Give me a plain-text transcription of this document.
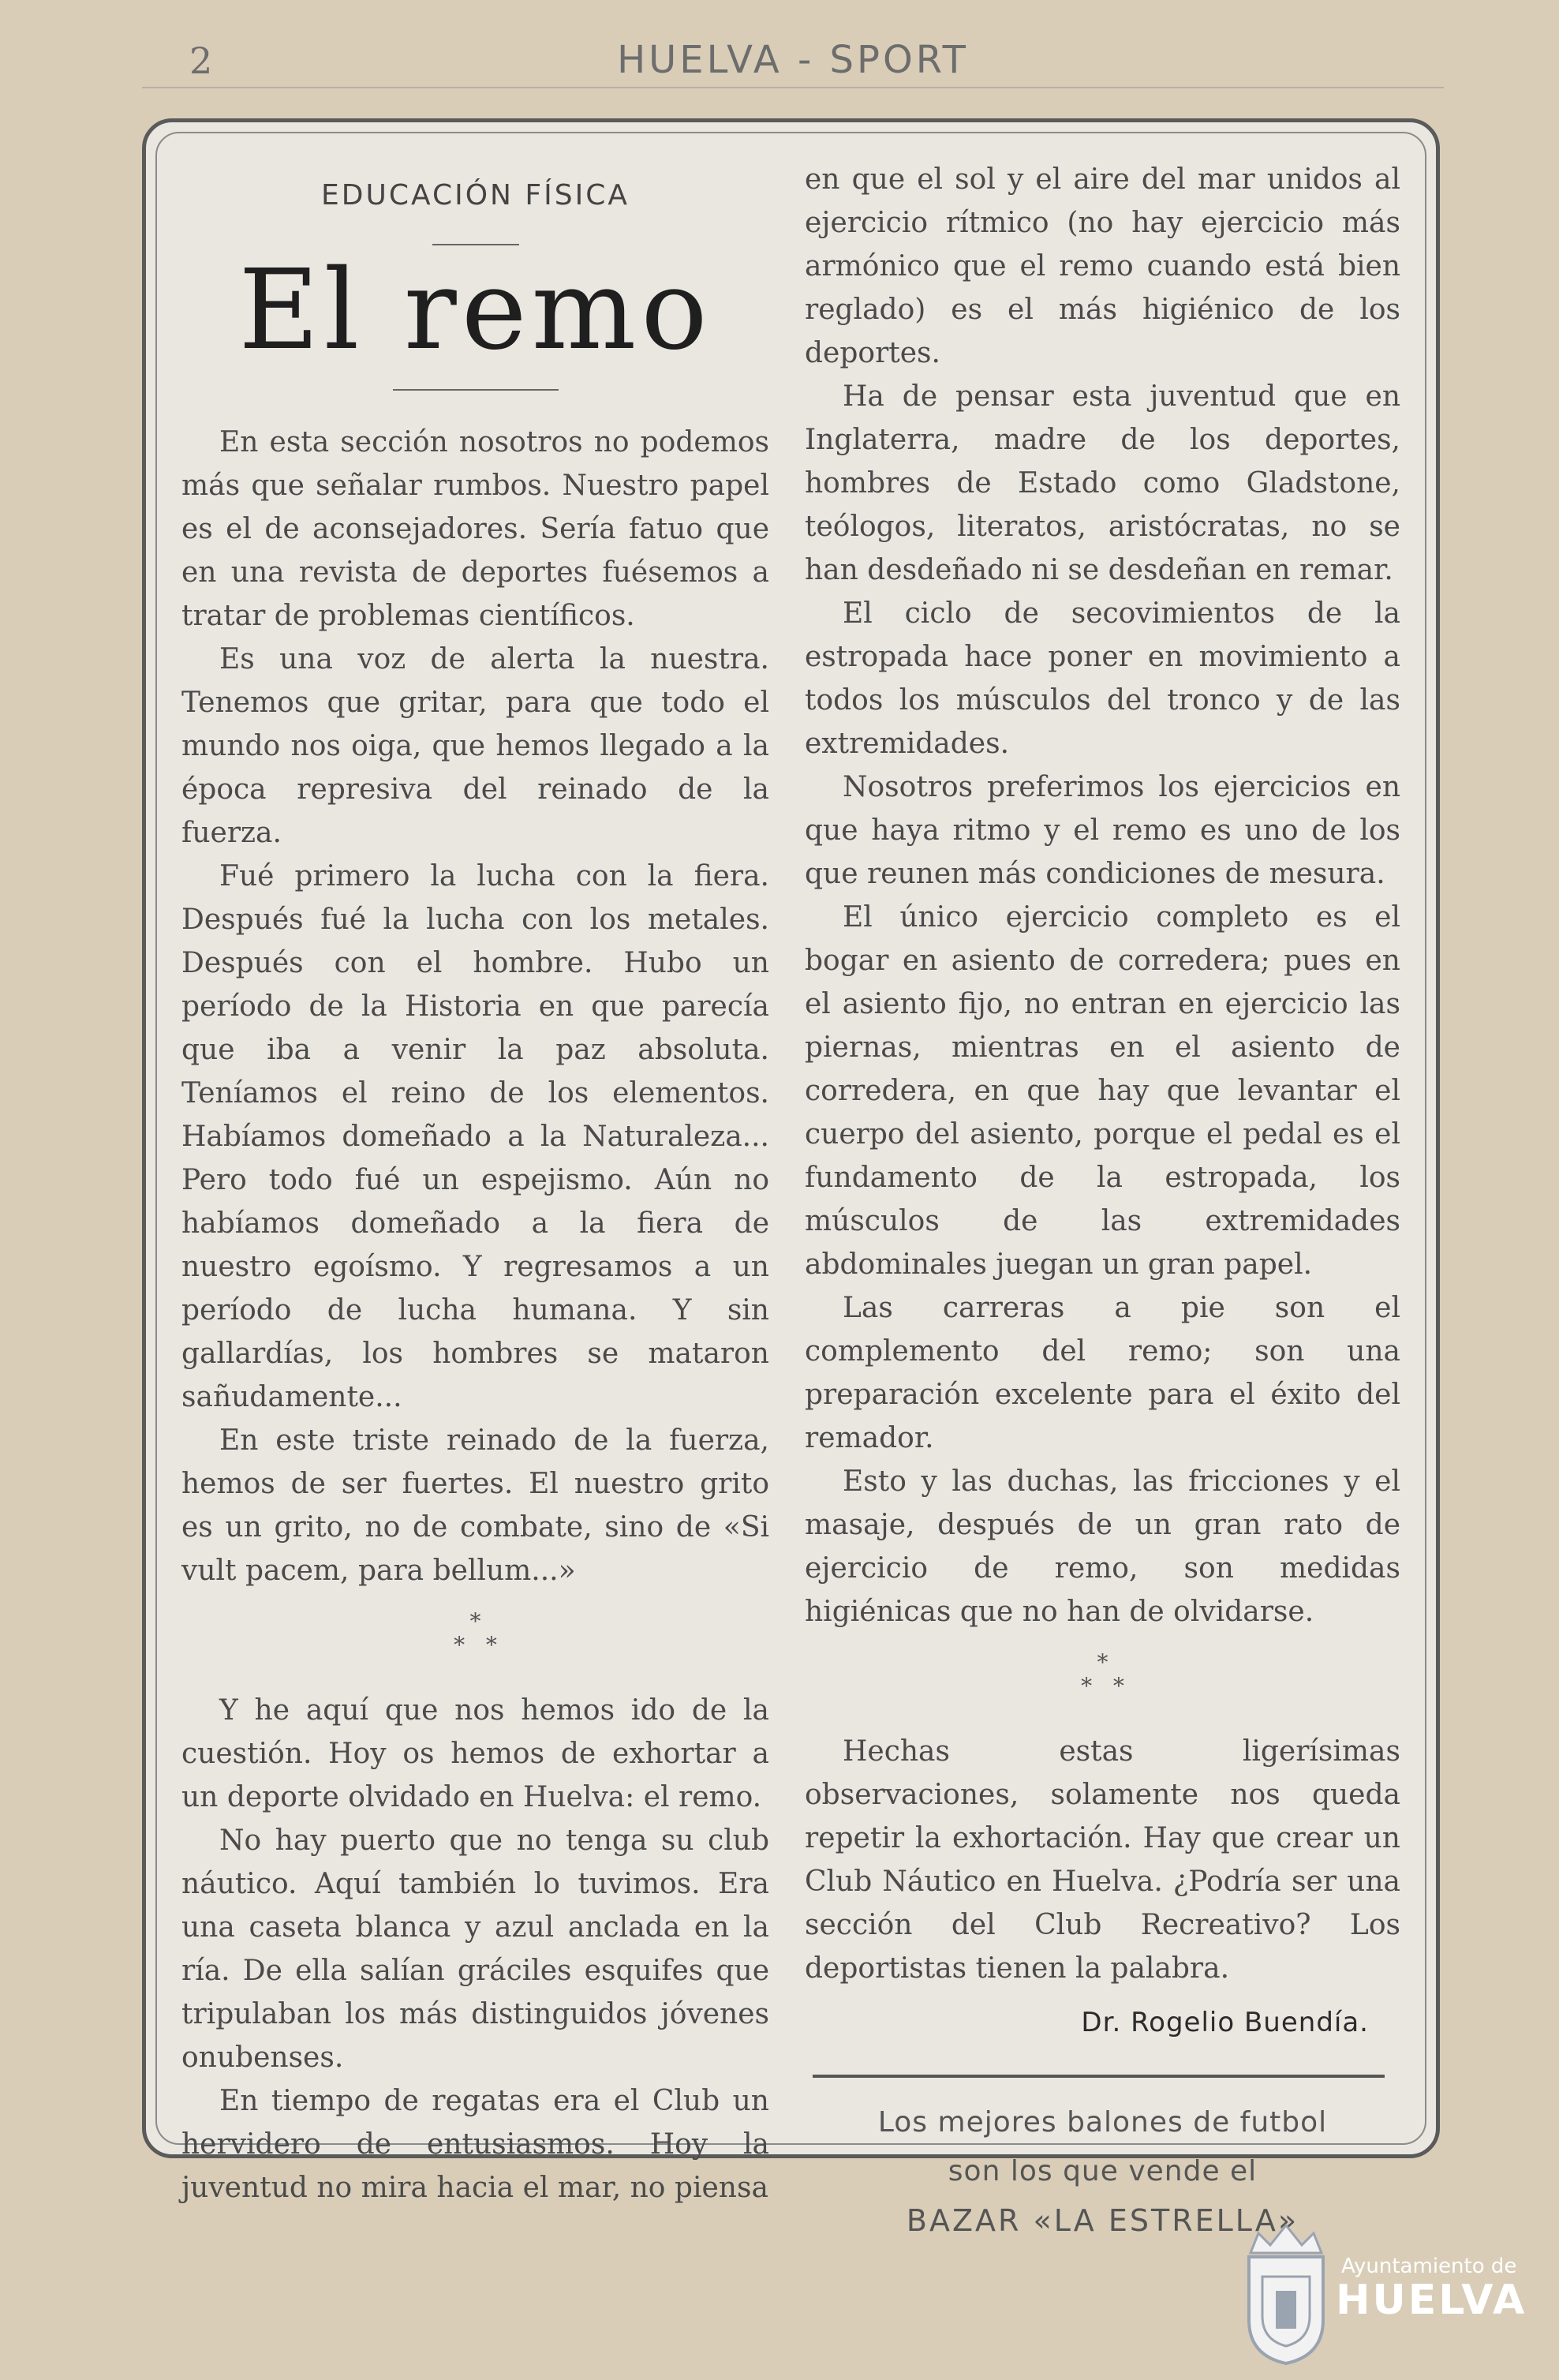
2	HUELVA - SPORT
EDUCACIÓN FÍSICA
El remo

En esta sección nosotros no podemos más que señalar rumbos. Nuestro papel es el de aconsejadores. Sería fatuo que en una revista de deportes fuésemos a tratar de problemas científicos.

Es una voz de alerta la nuestra. Tenemos que gritar, para que todo el mundo nos oiga, que hemos llegado a la época represiva del reinado de la fuerza.

Fué primero la lucha con la fiera. Después fué la lucha con los metales. Después con el hombre. Hubo un período de la Historia en que parecía que iba a venir la paz absoluta. Teníamos el reino de los elementos. Habíamos domeñado a la Naturaleza... Pero todo fué un espejismo. Aún no habíamos domeñado a la fiera de nuestro egoísmo. Y regresamos a un período de lucha humana. Y sin gallardías, los hombres se mataron sañudamente...

En este triste reinado de la fuerza, hemos de ser fuertes. El nuestro grito es un grito, no de combate, sino de «Si vult pacem, para bellum...»

*
*   *

Y he aquí que nos hemos ido de la cuestión. Hoy os hemos de exhortar a un deporte olvidado en Huelva: el remo.

No hay puerto que no tenga su club náutico. Aquí también lo tuvimos. Era una caseta blanca y azul anclada en la ría. De ella salían gráciles esquifes que tripulaban los más distinguidos jóvenes onubenses.

En tiempo de regatas era el Club un hervidero de entusiasmos. Hoy la juventud no mira hacia el mar, no piensa

en que el sol y el aire del mar unidos al ejercicio rítmico (no hay ejercicio más armónico que el remo cuando está bien reglado) es el más higiénico de los deportes.

Ha de pensar esta juventud que en Inglaterra, madre de los deportes, hombres de Estado como Gladstone, teólogos, literatos, aristócratas, no se han desdeñado ni se desdeñan en remar.

El ciclo de secovimientos de la estropada hace poner en movimiento a todos los músculos del tronco y de las extremidades.

Nosotros preferimos los ejercicios en que haya ritmo y el remo es uno de los que reunen más condiciones de mesura.

El único ejercicio completo es el bogar en asiento de corredera; pues en el asiento fijo, no entran en ejercicio las piernas, mientras en el asiento de corredera, en que hay que levantar el cuerpo del asiento, porque el pedal es el fundamento de la estropada, los músculos de las extremidades abdominales juegan un gran papel.

Las carreras a pie son el complemento del remo; son una preparación excelente para el éxito del remador.

Esto y las duchas, las fricciones y el masaje, después de un gran rato de ejercicio de remo, son medidas higiénicas que no han de olvidarse.

*
*   *

Hechas estas ligerísimas observaciones, solamente nos queda repetir la exhortación. Hay que crear un Club Náutico en Huelva. ¿Podría ser una sección del Club Recreativo? Los deportistas tienen la palabra.

Dr. Rogelio Buendía.
Los mejores balones de futbol
son los que vende el
BAZAR «LA ESTRELLA»
Ayuntamiento de
HUELVA
